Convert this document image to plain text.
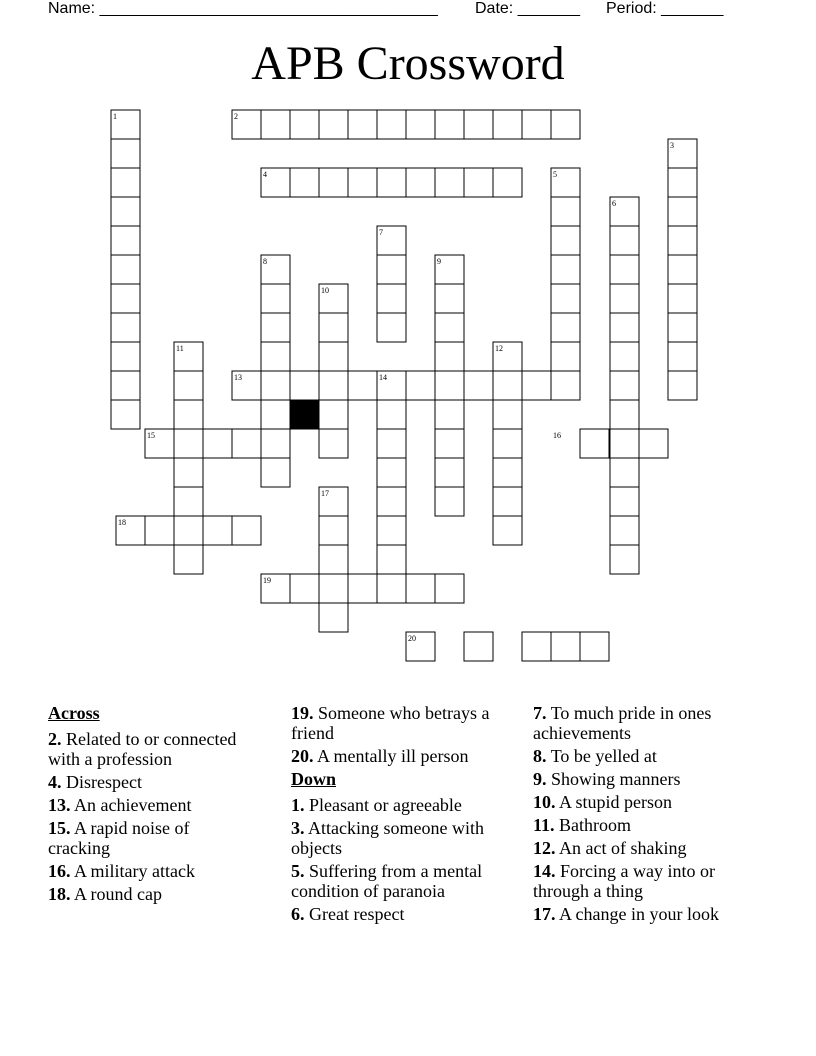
Name: ______________________________________ Date: _______ Period: _______
APB Crossword
1	2
3
4	5
6
7
8	9
10
11	12
13	14
15	16
17
18
19
20
Across
2. Related to or connected with a profession
4. Disrespect
13. An achievement
15. A rapid noise of cracking
16. A military attack
18. A round cap
19. Someone who betrays a friend
20. A mentally ill person
Down
1. Pleasant or agreeable
3. Attacking someone with objects
5. Suffering from a mental condition of paranoia
6. Great respect
7. To much pride in ones achievements
8. To be yelled at
9. Showing manners
10. A stupid person
11. Bathroom
12. An act of shaking
14. Forcing a way into or through a thing
17. A change in your look
